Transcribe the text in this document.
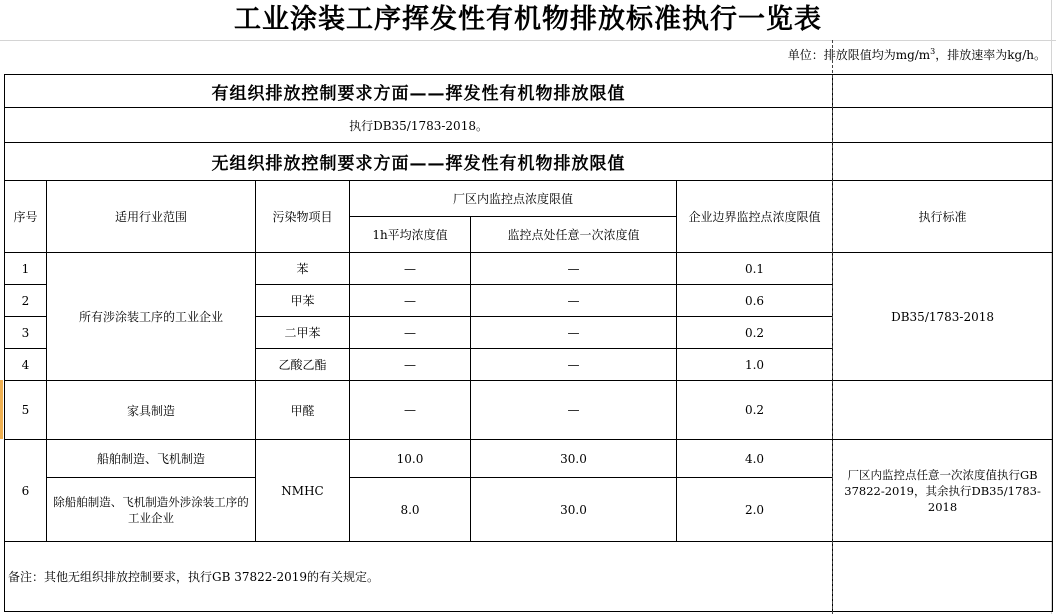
工业涂装工序挥发性有机物排放标准执行一览表
单位：排放限值均为$mg/m^3$，排放速率为kg/h。
有组织排放控制要求方面——挥发性有机物排放限值						
执行DB35/1783-2018。						
无组织排放控制要求方面——挥发性有机物排放限值						
序号	适用行业范围	污染物项目	厂区内监控点浓度限值		企业边界监控点浓度限值	执行标准
			1h平均浓度值	监控点处任意一次浓度值		
1	所有涉涂装工序的工业企业	苯	—	—	0.1	DB35/1783-2018
2		甲苯	—	—	0.6	
3		二甲苯	—	—	0.2	
4		乙酸乙酯	—	—	1.0	
5	家具制造	甲醛	—	—	0.2	
6	船舶制造、飞机制造	NMHC	10.0	30.0	4.0	厂区内监控点任意一次浓度值执行GB 37822-2019，其余执行DB35/1783-2018
	除船舶制造、飞机制造外涉涂装工序的工业企业		8.0	30.0	2.0	
备注：其他无组织排放控制要求，执行GB 37822-2019的有关规定。						
